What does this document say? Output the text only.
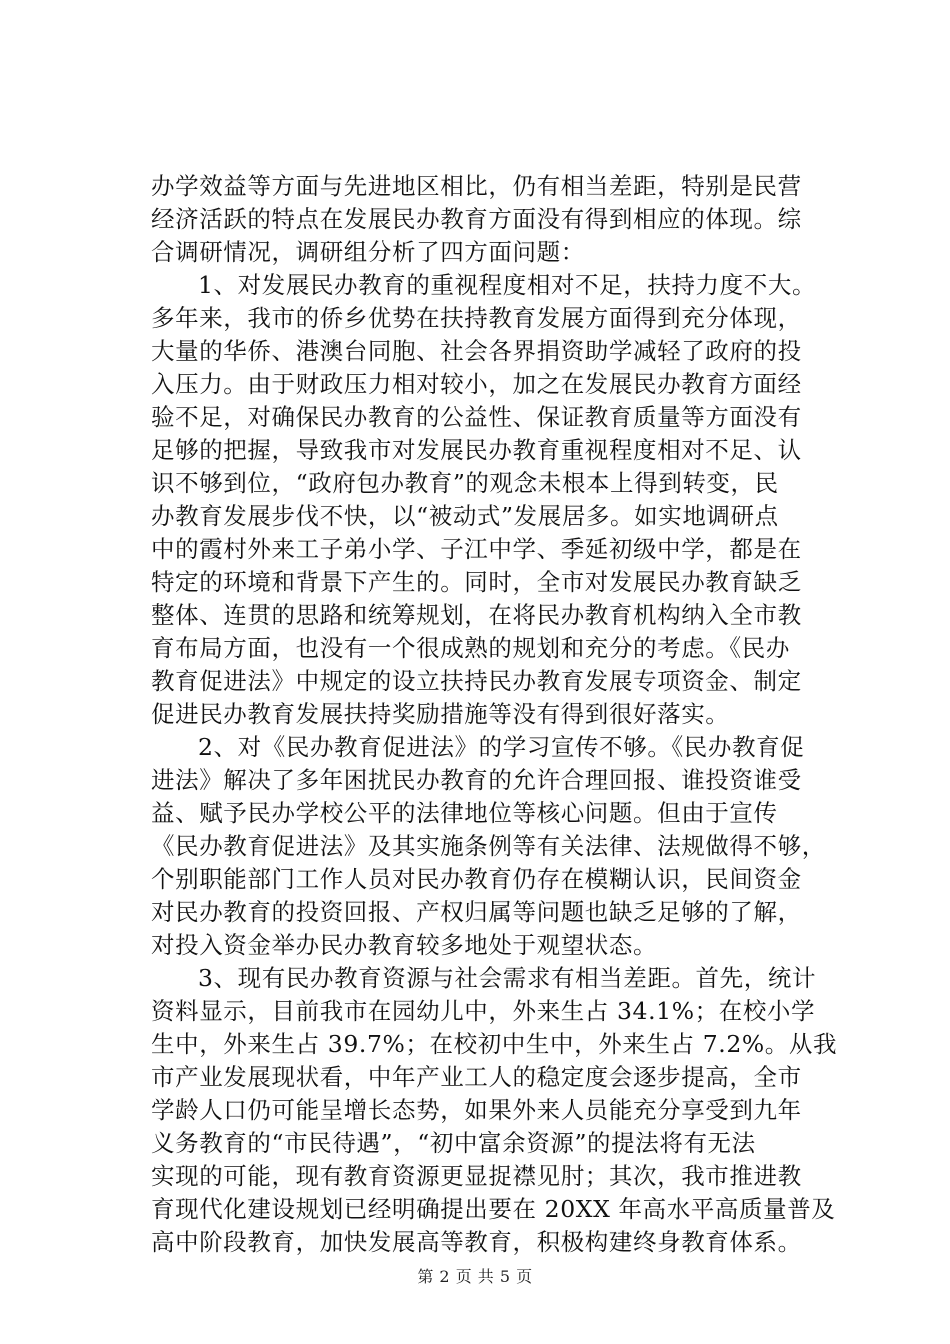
办学效益等方面与先进地区相比，仍有相当差距，特别是民营
经济活跃的特点在发展民办教育方面没有得到相应的体现。综
合调研情况，调研组分析了四方面问题：
1、对发展民办教育的重视程度相对不足，扶持力度不大。
多年来，我市的侨乡优势在扶持教育发展方面得到充分体现，
大量的华侨、港澳台同胞、社会各界捐资助学减轻了政府的投
入压力。由于财政压力相对较小，加之在发展民办教育方面经
验不足，对确保民办教育的公益性、保证教育质量等方面没有
足够的把握，导致我市对发展民办教育重视程度相对不足、认
识不够到位，“政府包办教育”的观念未根本上得到转变，民
办教育发展步伐不快，以“被动式”发展居多。如实地调研点
中的霞村外来工子弟小学、子江中学、季延初级中学，都是在
特定的环境和背景下产生的。同时，全市对发展民办教育缺乏
整体、连贯的思路和统筹规划，在将民办教育机构纳入全市教
育布局方面，也没有一个很成熟的规划和充分的考虑。《民办
教育促进法》中规定的设立扶持民办教育发展专项资金、制定
促进民办教育发展扶持奖励措施等没有得到很好落实。
2、对《民办教育促进法》的学习宣传不够。《民办教育促
进法》解决了多年困扰民办教育的允许合理回报、谁投资谁受
益、赋予民办学校公平的法律地位等核心问题。但由于宣传
《民办教育促进法》及其实施条例等有关法律、法规做得不够，
个别职能部门工作人员对民办教育仍存在模糊认识，民间资金
对民办教育的投资回报、产权归属等问题也缺乏足够的了解，
对投入资金举办民办教育较多地处于观望状态。
3、现有民办教育资源与社会需求有相当差距。首先，统计
资料显示，目前我市在园幼儿中，外来生占 34.1%；在校小学
生中，外来生占 39.7%；在校初中生中，外来生占 7.2%。从我
市产业发展现状看，中年产业工人的稳定度会逐步提高，全市
学龄人口仍可能呈增长态势，如果外来人员能充分享受到九年
义务教育的“市民待遇”，“初中富余资源”的提法将有无法
实现的可能，现有教育资源更显捉襟见肘；其次，我市推进教
育现代化建设规划已经明确提出要在 20XX 年高水平高质量普及
高中阶段教育，加快发展高等教育，积极构建终身教育体系。
第 2 页 共 5 页
